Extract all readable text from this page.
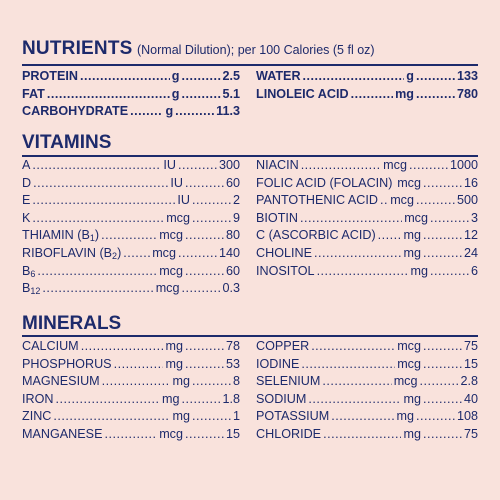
NUTRIENTS (Normal Dilution); per 100 Calories (5 fl oz)
PROTEIN .....	g .......... 2.5
FAT .....	g .......... 5.1
CARBOHYDRATE .....	g .......... 11.3
WATER .....	g .......... 133
LINOLEIC ACID .....	mg .......... 780
VITAMINS
A .....	IU .......... 300
D .....	IU .......... 60
E .....	IU .......... 2
K .....	mcg .......... 9
THIAMIN $(B_1)$ .....	mcg .......... 80
RIBOFLAVIN $(B_2)$ ..... mcg .......... 140
$B_6$ .....	mcg .......... 60
$B_{12}$ .....	mcg .......... 0.3
NIACIN .....	mcg .......... 1000
FOLIC ACID (FOLACIN) ..... mcg .......... 16
PANTOTHENIC ACID ..... mcg .......... 500
BIOTIN .....	mcg .......... 3
C (ASCORBIC ACID) ..... mg .......... 12
CHOLINE .....	mg .......... 24
INOSITOL .....	mg .......... 6
MINERALS
CALCIUM .....	mg .......... 78
PHOSPHORUS .....	mg .......... 53
MAGNESIUM .....	mg .......... 8
IRON .....	mg .......... 1.8
ZINC .....	mg .......... 1
MANGANESE .....	mcg .......... 15
COPPER .....	mcg .......... 75
IODINE .....	mcg .......... 15
SELENIUM .....	mcg .......... 2.8
SODIUM .....	mg .......... 40
POTASSIUM .....	mg .......... 108
CHLORIDE .....	mg .......... 75
